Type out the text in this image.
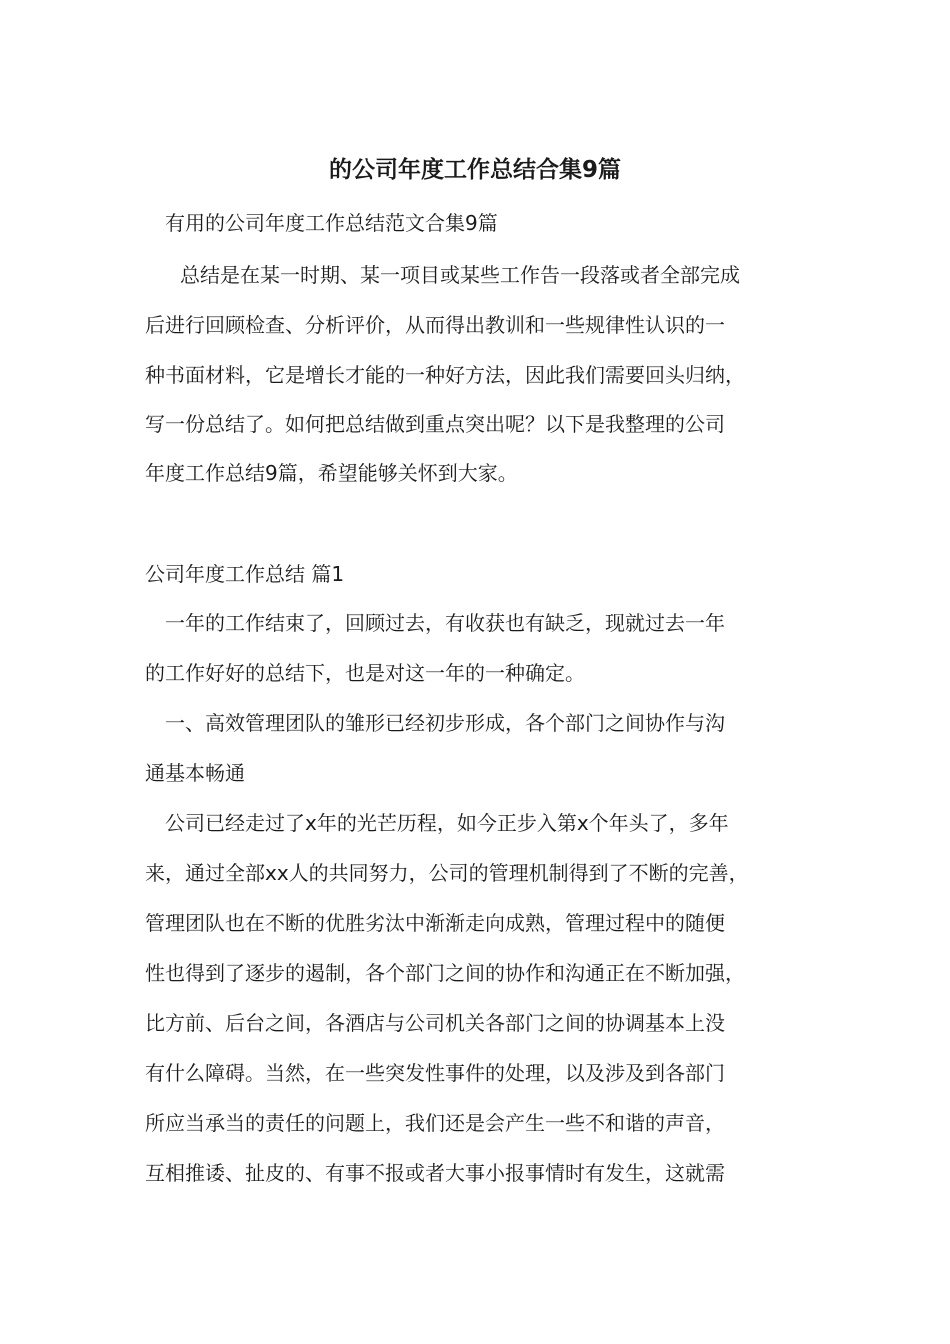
的公司年度工作总结合集9篇
有用的公司年度工作总结范文合集9篇
总结是在某一时期、某一项目或某些工作告一段落或者全部完成
后进行回顾检查、分析评价，从而得出教训和一些规律性认识的一
种书面材料，它是增长才能的一种好方法，因此我们需要回头归纳，
写一份总结了。如何把总结做到重点突出呢？以下是我整理的公司
年度工作总结9篇，希望能够关怀到大家。
公司年度工作总结 篇1
一年的工作结束了，回顾过去，有收获也有缺乏，现就过去一年
的工作好好的总结下，也是对这一年的一种确定。
一、高效管理团队的雏形已经初步形成，各个部门之间协作与沟
通基本畅通
公司已经走过了x年的光芒历程，如今正步入第x个年头了，多年
来，通过全部xx人的共同努力，公司的管理机制得到了不断的完善，
管理团队也在不断的优胜劣汰中渐渐走向成熟，管理过程中的随便
性也得到了逐步的遏制，各个部门之间的协作和沟通正在不断加强，
比方前、后台之间，各酒店与公司机关各部门之间的协调基本上没
有什么障碍。当然，在一些突发性事件的处理，以及涉及到各部门
所应当承当的责任的问题上，我们还是会产生一些不和谐的声音，
互相推诿、扯皮的、有事不报或者大事小报事情时有发生，这就需
